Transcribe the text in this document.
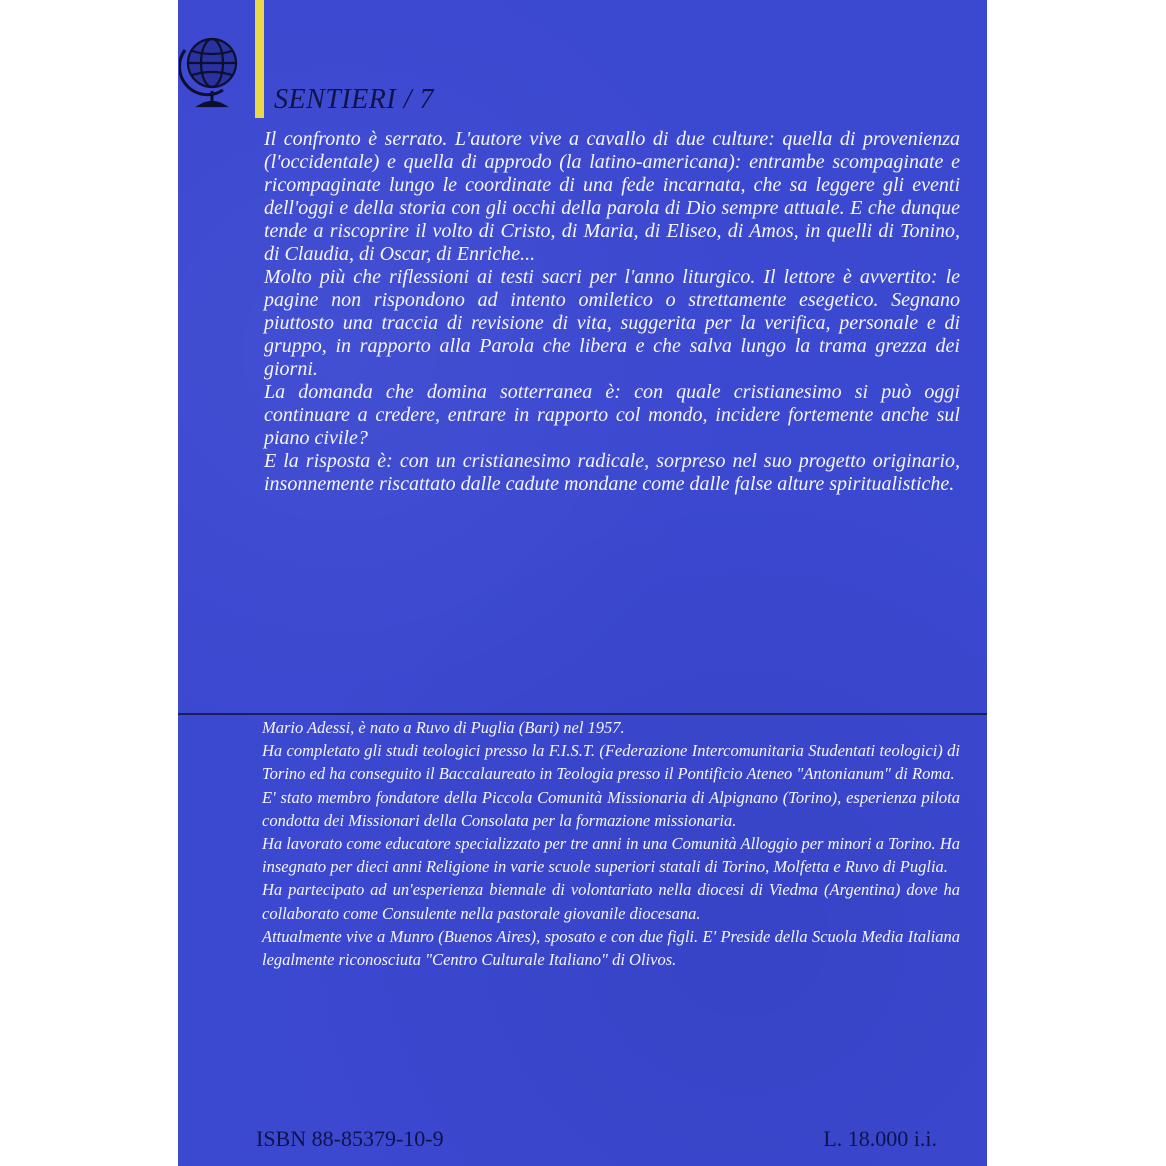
SENTIERI / 7

Il confronto è serrato. L'autore vive a cavallo di due culture: quella di provenienza (l'occidentale) e quella di approdo (la latino-americana): entrambe scompaginate e ricompaginate lungo le coordinate di una fede incarnata, che sa leggere gli eventi dell'oggi e della storia con gli occhi della parola di Dio sempre attuale. E che dunque tende a riscoprire il volto di Cristo, di Maria, di Eliseo, di Amos, in quelli di Tonino, di Claudia, di Oscar, di Enriche...

Molto più che riflessioni ai testi sacri per l'anno liturgico. Il lettore è avvertito: le pagine non rispondono ad intento omiletico o strettamente esegetico. Segnano piuttosto una traccia di revisione di vita, suggerita per la verifica, personale e di gruppo, in rapporto alla Parola che libera e che salva lungo la trama grezza dei giorni.

La domanda che domina sotterranea è: con quale cristianesimo si può oggi continuare a credere, entrare in rapporto col mondo, incidere fortemente anche sul piano civile?

E la risposta è: con un cristianesimo radicale, sorpreso nel suo progetto originario, insonnemente riscattato dalle cadute mondane come dalle false alture spiritualistiche.

Mario Adessi, è nato a Ruvo di Puglia (Bari) nel 1957.

Ha completato gli studi teologici presso la F.I.S.T. (Federazione Intercomunitaria Studentati teologici) di Torino ed ha conseguito il Baccalaureato in Teologia presso il Pontificio Ateneo "Antonianum" di Roma.

E' stato membro fondatore della Piccola Comunità Missionaria di Alpignano (Torino), esperienza pilota condotta dei Missionari della Consolata per la formazione missionaria.

Ha lavorato come educatore specializzato per tre anni in una Comunità Alloggio per minori a Torino. Ha insegnato per dieci anni Religione in varie scuole superiori statali di Torino, Molfetta e Ruvo di Puglia.

Ha partecipato ad un'esperienza biennale di volontariato nella diocesi di Viedma (Argentina) dove ha collaborato come Consulente nella pastorale giovanile diocesana.

Attualmente vive a Munro (Buenos Aires), sposato e con due figli. E' Preside della Scuola Media Italiana legalmente riconosciuta "Centro Culturale Italiano" di Olivos.

ISBN 88-85379-10-9	L. 18.000 i.i.
